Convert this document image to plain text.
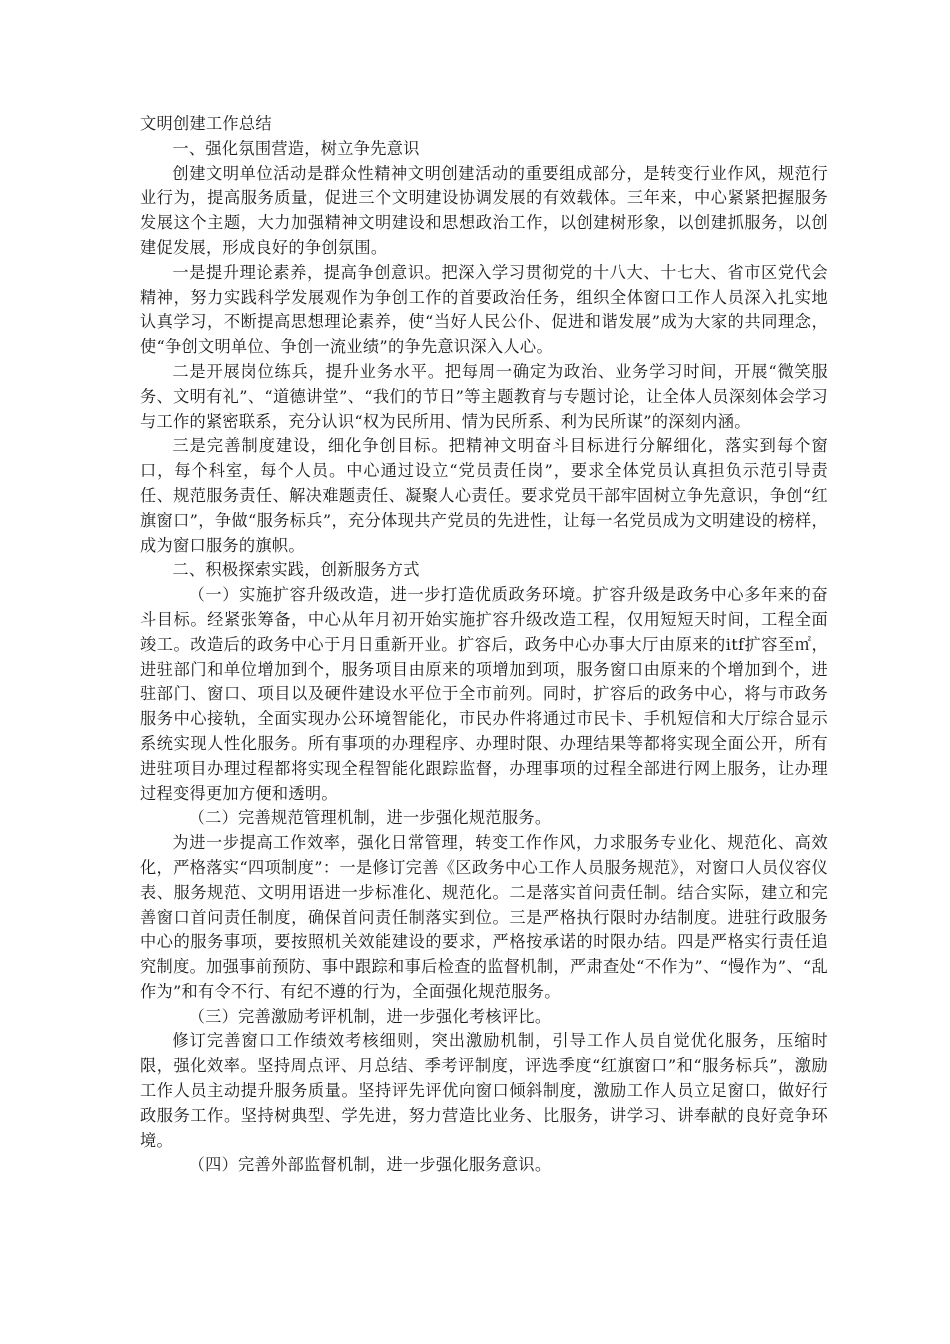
文明创建工作总结

一、强化氛围营造，树立争先意识

创建文明单位活动是群众性精神文明创建活动的重要组成部分，是转变行业作风，规范行业行为，提高服务质量，促进三个文明建设协调发展的有效载体。三年来，中心紧紧把握服务发展这个主题，大力加强精神文明建设和思想政治工作，以创建树形象，以创建抓服务，以创建促发展，形成良好的争创氛围。

一是提升理论素养，提高争创意识。把深入学习贯彻党的十八大、十七大、省市区党代会精神，努力实践科学发展观作为争创工作的首要政治任务，组织全体窗口工作人员深入扎实地认真学习，不断提高思想理论素养，使“当好人民公仆、促进和谐发展”成为大家的共同理念，使“争创文明单位、争创一流业绩”的争先意识深入人心。

二是开展岗位练兵，提升业务水平。把每周一确定为政治、业务学习时间，开展“微笑服务、文明有礼”、“道德讲堂”、“我们的节日”等主题教育与专题讨论，让全体人员深刻体会学习与工作的紧密联系，充分认识“权为民所用、情为民所系、利为民所谋”的深刻内涵。

三是完善制度建设，细化争创目标。把精神文明奋斗目标进行分解细化，落实到每个窗口，每个科室，每个人员。中心通过设立“党员责任岗”，要求全体党员认真担负示范引导责任、规范服务责任、解决难题责任、凝聚人心责任。要求党员干部牢固树立争先意识，争创“红旗窗口”，争做“服务标兵”，充分体现共产党员的先进性，让每一名党员成为文明建设的榜样，成为窗口服务的旗帜。

二、积极探索实践，创新服务方式

（一）实施扩容升级改造，进一步打造优质政务环境。扩容升级是政务中心多年来的奋斗目标。经紧张筹备，中心从年月初开始实施扩容升级改造工程，仅用短短天时间，工程全面竣工。改造后的政务中心于月日重新开业。扩容后，政务中心办事大厅由原来的itf扩容至㎡，进驻部门和单位增加到个，服务项目由原来的项增加到项，服务窗口由原来的个增加到个，进驻部门、窗口、项目以及硬件建设水平位于全市前列。同时，扩容后的政务中心，将与市政务服务中心接轨，全面实现办公环境智能化，市民办件将通过市民卡、手机短信和大厅综合显示系统实现人性化服务。所有事项的办理程序、办理时限、办理结果等都将实现全面公开，所有进驻项目办理过程都将实现全程智能化跟踪监督，办理事项的过程全部进行网上服务，让办理过程变得更加方便和透明。

（二）完善规范管理机制，进一步强化规范服务。

为进一步提高工作效率，强化日常管理，转变工作作风，力求服务专业化、规范化、高效化，严格落实“四项制度”：一是修订完善《区政务中心工作人员服务规范》，对窗口人员仪容仪表、服务规范、文明用语进一步标准化、规范化。二是落实首问责任制。结合实际，建立和完善窗口首问责任制度，确保首问责任制落实到位。三是严格执行限时办结制度。进驻行政服务中心的服务事项，要按照机关效能建设的要求，严格按承诺的时限办结。四是严格实行责任追究制度。加强事前预防、事中跟踪和事后检查的监督机制，严肃查处“不作为”、“慢作为”、“乱作为”和有令不行、有纪不遵的行为，全面强化规范服务。

（三）完善激励考评机制，进一步强化考核评比。

修订完善窗口工作绩效考核细则，突出激励机制，引导工作人员自觉优化服务，压缩时限，强化效率。坚持周点评、月总结、季考评制度，评选季度“红旗窗口”和“服务标兵”，激励工作人员主动提升服务质量。坚持评先评优向窗口倾斜制度，激励工作人员立足窗口，做好行政服务工作。坚持树典型、学先进，努力营造比业务、比服务，讲学习、讲奉献的良好竞争环境。

（四）完善外部监督机制，进一步强化服务意识。
